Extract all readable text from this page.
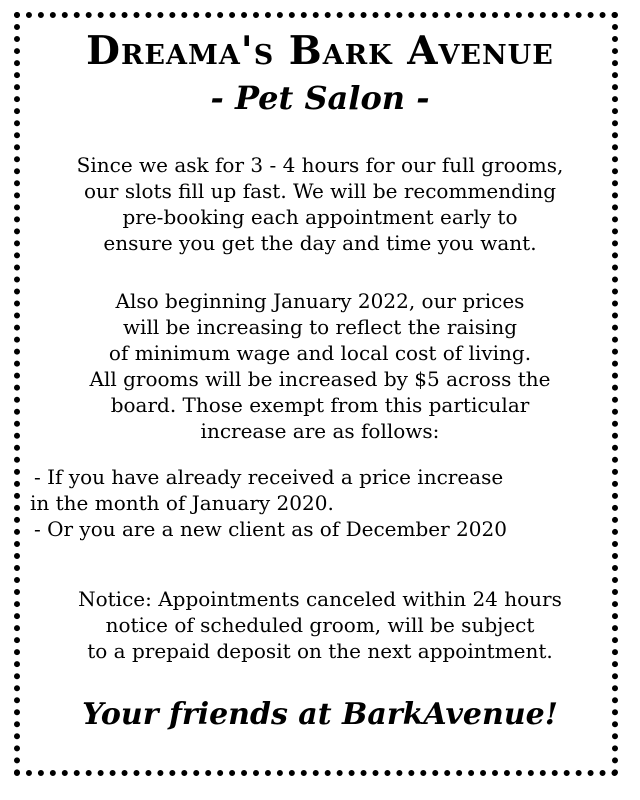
Dreama's Bark Avenue
- Pet Salon -
Since we ask for 3 - 4 hours for our full grooms,
our slots fill up fast. We will be recommending
pre-booking each appointment early to
ensure you get the day and time you want.
Also beginning January 2022, our prices
will be increasing to reflect the raising
of minimum wage and local cost of living.
All grooms will be increased by $5 across the
board. Those exempt from this particular
increase are as follows:
- If you have already received a price increase
in the month of January 2020.
- Or you are a new client as of December 2020
Notice: Appointments canceled within 24 hours
notice of scheduled groom, will be subject
to a prepaid deposit on the next appointment.
Your friends at BarkAvenue!
